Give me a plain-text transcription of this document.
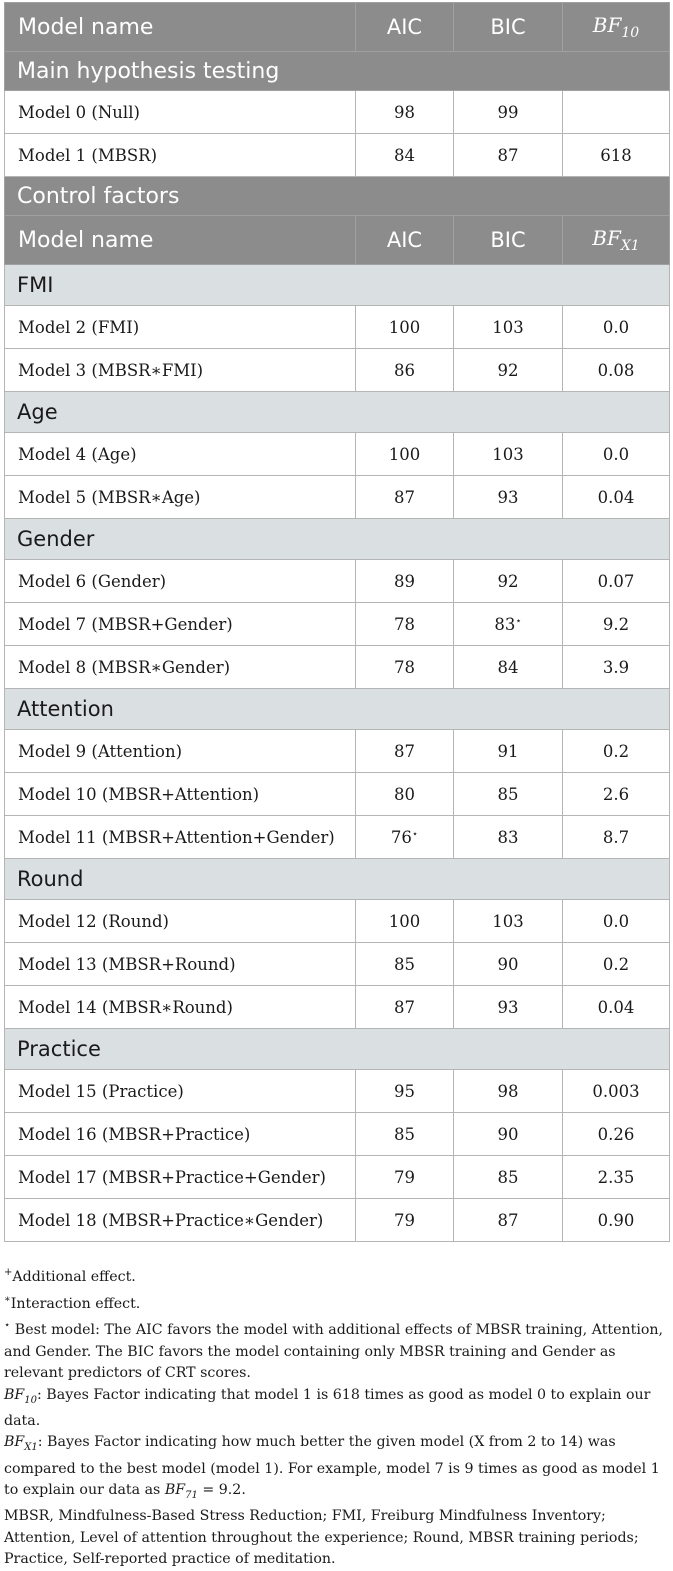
Model name	AIC	BIC	$BF_{10}$
Main hypothesis testing			
Model 0 (Null)	98	99	
Model 1 (MBSR)	84	87	618
Control factors			
Model name	AIC	BIC	$BF_{X1}$
FMI			
Model 2 (FMI)	100	103	0.0
Model 3 (MBSR∗FMI)	86	92	0.08
Age			
Model 4 (Age)	100	103	0.0
Model 5 (MBSR∗Age)	87	93	0.04
Gender			
Model 6 (Gender)	89	92	0.07
Model 7 (MBSR+Gender)	78	83⋆	9.2
Model 8 (MBSR∗Gender)	78	84	3.9
Attention			
Model 9 (Attention)	87	91	0.2
Model 10 (MBSR+Attention)	80	85	2.6
Model 11 (MBSR+Attention+Gender)	76⋆	83	8.7
Round			
Model 12 (Round)	100	103	0.0
Model 13 (MBSR+Round)	85	90	0.2
Model 14 (MBSR∗Round)	87	93	0.04
Practice			
Model 15 (Practice)	95	98	0.003
Model 16 (MBSR+Practice)	85	90	0.26
Model 17 (MBSR+Practice+Gender)	79	85	2.35
Model 18 (MBSR+Practice∗Gender)	79	87	0.90

+Additional effect.

∗Interaction effect.

⋆ Best model: The AIC favors the model with additional effects of MBSR training, Attention, and Gender. The BIC favors the model containing only MBSR training and Gender as relevant predictors of CRT scores.

$BF_{10}$: Bayes Factor indicating that model 1 is 618 times as good as model 0 to explain our data.

$BF_{X1}$: Bayes Factor indicating how much better the given model (X from 2 to 14) was compared to the best model (model 1). For example, model 7 is 9 times as good as model 1 to explain our data as $BF_{71} = 9.2$.

MBSR, Mindfulness-Based Stress Reduction; FMI, Freiburg Mindfulness Inventory; Attention, Level of attention throughout the experience; Round, MBSR training periods; Practice, Self-reported practice of meditation.
